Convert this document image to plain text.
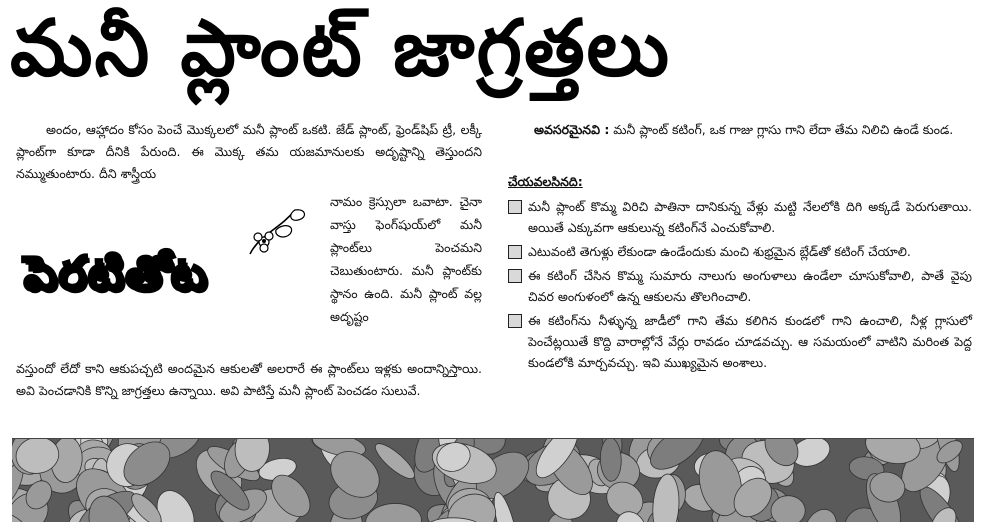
మనీ ప్లాంట్ జాగ్రత్తలు

అందం, ఆహ్లాదం కోసం పెంచే మొక్కలలో మనీ ప్లాంట్ ఒకటి. జేడ్ ప్లాంట్, ఫ్రెండ్‌షిప్ ట్రీ, లక్కీ ప్లాంట్‌గా కూడా దీనికి పేరుంది. ఈ మొక్క తమ యజమానులకు అదృష్టాన్ని తెస్తుందని నమ్ముతుంటారు. దీని శాస్త్రీయ

పెరటితోట

నామం క్రెస్సులా ఒవాటా. చైనా వాస్తు ఫెంగ్‌షుయ్‌లో మనీ ప్లాంట్‌లు పెంచమని చెబుతుంటారు. మనీ ప్లాంట్‌కు స్థానం ఉంది. మనీ ప్లాంట్ వల్ల అదృష్టం

వస్తుందో లేదో కాని ఆకుపచ్చటి అందమైన ఆకులతో అలరారే ఈ ప్లాంట్‌లు ఇళ్లకు అందాన్నిస్తాయి. అవి పెంచడానికి కొన్ని జాగ్రత్తలు ఉన్నాయి. అవి పాటిస్తే మనీ ప్లాంట్ పెంచడం సులువే.

అవసరమైనవి : మనీ ప్లాంట్ కటింగ్, ఒక గాజు గ్లాసు గాని లేదా తేమ నిలిచి ఉండే కుండ.

చేయవలసినది:
మనీ ప్లాంట్ కొమ్మ విరిచి పాతినా దానికున్న వేళ్లు మట్టి నేలలోకి దిగి అక్కడే పెరుగుతాయి. అయితే ఎక్కువగా ఆకులున్న కటింగ్‌నే ఎంచుకోవాలి.
ఎటువంటి తెగుళ్లు లేకుండా ఉండేందుకు మంచి శుభ్రమైన బ్లేడ్‌తో కటింగ్ చేయాలి.
ఈ కటింగ్ చేసిన కొమ్మ సుమారు నాలుగు అంగుళాలు ఉండేలా చూసుకోవాలి, పాతే వైపు చివర అంగుళంలో ఉన్న ఆకులను తొలగించాలి.
ఈ కటింగ్‌ను నీళ్ళున్న జాడీలో గాని తేమ కలిగిన కుండలో గాని ఉంచాలి, నీళ్ల గ్లాసులో పెంచేట్లయితే కొద్ది వారాల్లోనే వేర్లు రావడం చూడవచ్చు. ఆ సమయంలో వాటిని మరింత పెద్ద కుండలోకి మార్చవచ్చు. ఇవి ముఖ్యమైన అంశాలు.
